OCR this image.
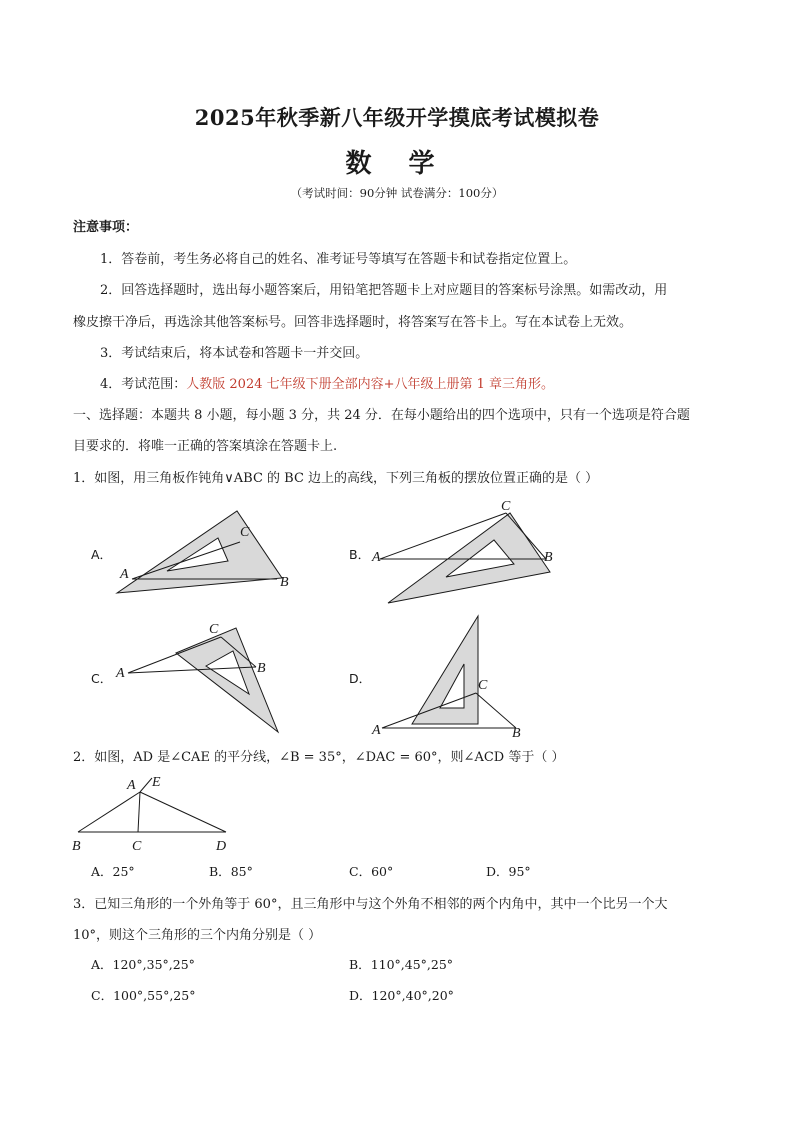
2025年秋季新八年级开学摸底考试模拟卷
数 学
（考试时间：90分钟 试卷满分：100分）
注意事项：
1．答卷前，考生务必将自己的姓名、准考证号等填写在答题卡和试卷指定位置上。
2．回答选择题时，选出每小题答案后，用铅笔把答题卡上对应题目的答案标号涂黑。如需改动，用
橡皮擦干净后，再选涂其他答案标号。回答非选择题时，将答案写在答卡上。写在本试卷上无效。
3．考试结束后，将本试卷和答题卡一并交回。
4．考试范围：人教版 2024 七年级下册全部内容+八年级上册第 1 章三角形。
一、选择题：本题共 8 小题，每小题 3 分，共 24 分．在每小题给出的四个选项中，只有一个选项是符合题
目要求的．将唯一正确的答案填涂在答题卡上.
1．如图，用三角板作钝角∨ABC 的 BC 边上的高线，下列三角板的摆放位置正确的是（ ）
A．
A
C
B
B． A
C
B
C． A
C
B
D．
A
C
B
2．如图，AD 是∠CAE 的平分线，∠B = 35°，∠DAC = 60°，则∠ACD 等于（ ）
A E
B	C	D
A．25°	B．85°	C．60°	D．95°
3．已知三角形的一个外角等于 60°，且三角形中与这个外角不相邻的两个内角中，其中一个比另一个大
10°，则这个三角形的三个内角分别是（ ）
A．120°,35°,25°	B．110°,45°,25°
C．100°,55°,25°	D．120°,40°,20°
